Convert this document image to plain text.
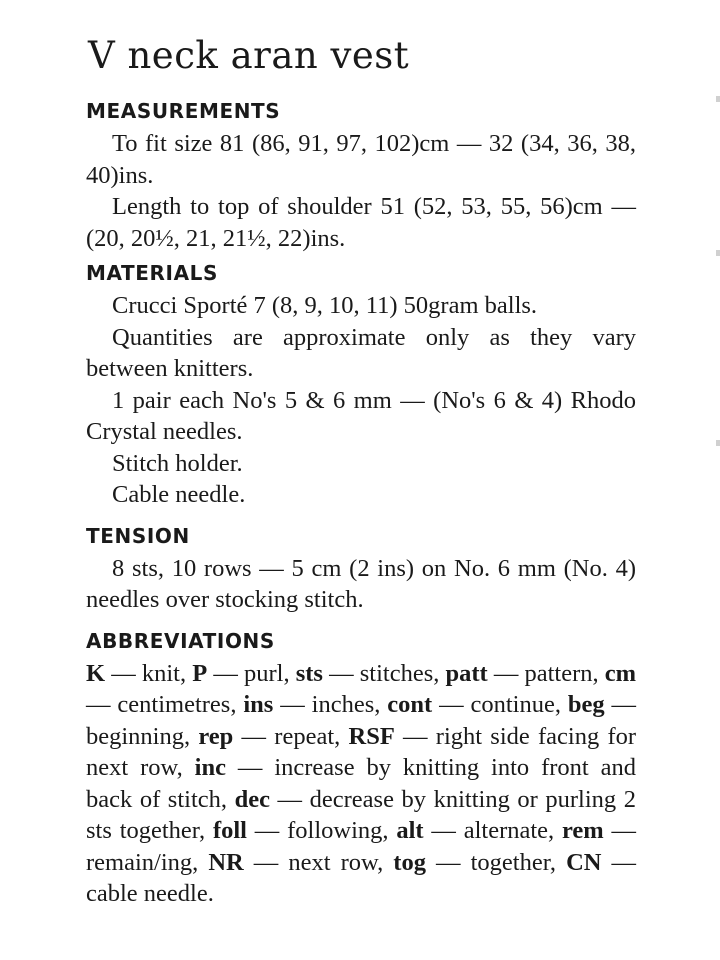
V neck aran vest
MEASUREMENTS

To fit size 81 (86, 91, 97, 102)cm — 32 (34, 36, 38, 40)ins.

Length to top of shoulder 51 (52, 53, 55, 56)cm — (20, 20½, 21, 21½, 22)ins.

MATERIALS

Crucci Sporté 7 (8, 9, 10, 11) 50gram balls.

Quantities are approximate only as they vary between knitters.

1 pair each No's 5 & 6 mm — (No's 6 & 4) Rhodo Crystal needles.

Stitch holder.

Cable needle.

TENSION

8 sts, 10 rows — 5 cm (2 ins) on No. 6 mm (No. 4) needles over stocking stitch.

ABBREVIATIONS

K — knit, P — purl, sts — stitches, patt — pattern, cm — centimetres, ins — inches, cont — continue, beg — beginning, rep — repeat, RSF — right side facing for next row, inc — increase by knitting into front and back of stitch, dec — decrease by knitting or purling 2 sts together, foll — following, alt — alternate, rem — remain/ing, NR — next row, tog — together, CN — cable needle.
